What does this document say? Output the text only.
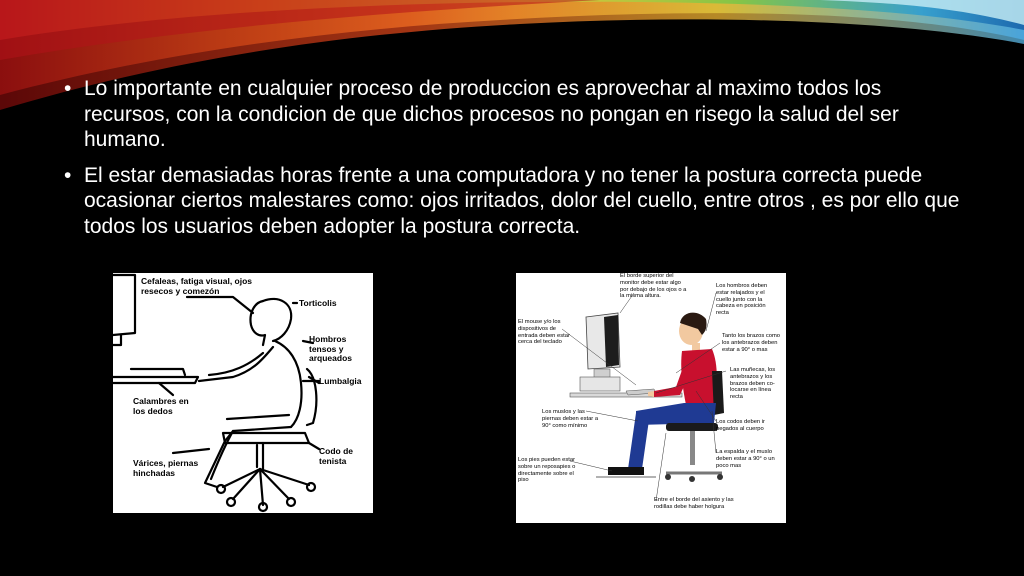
• Lo importante en cualquier proceso de produccion es aprovechar al maximo todos los recursos, con la condicion de que dichos procesos no pongan en risego la salud del ser humano.
• El estar demasiadas horas frente a una computadora y no tener la postura correcta puede ocasionar ciertos malestares como: ojos irritados, dolor del cuello, entre otros , es por ello que todos los usuarios deben adopter la postura correcta.
Cefaleas, fatiga visual, ojos resecos y comezón
Torticolis
Hombros tensos y arqueados
Lumbalgia
Calambres en los dedos
Codo de tenista
Várices, piernas hinchadas
El borde superior del monitor debe estar algo por debajo de los ojos o a la misma altura.
Los hombros deben estar relajados y el cuello junto con la cabeza en posición recta
El mouse y/o los dispositivos de entrada deben estar cerca del teclado
Tanto los brazos como los antebrazos deben estar a 90° o mas
Las muñecas, los antebrazos y los brazos deben co-locarse en línea recta
Los muslos y las piernas deben estar a 90° como mínimo
Los codos deben ir pegados al cuerpo
La espalda y el muslo deben estar a 90° o un poco mas
Los pies pueden estar sobre un reposapies o directamente sobre el piso
Entre el borde del asiento y las rodillas debe haber holgura
